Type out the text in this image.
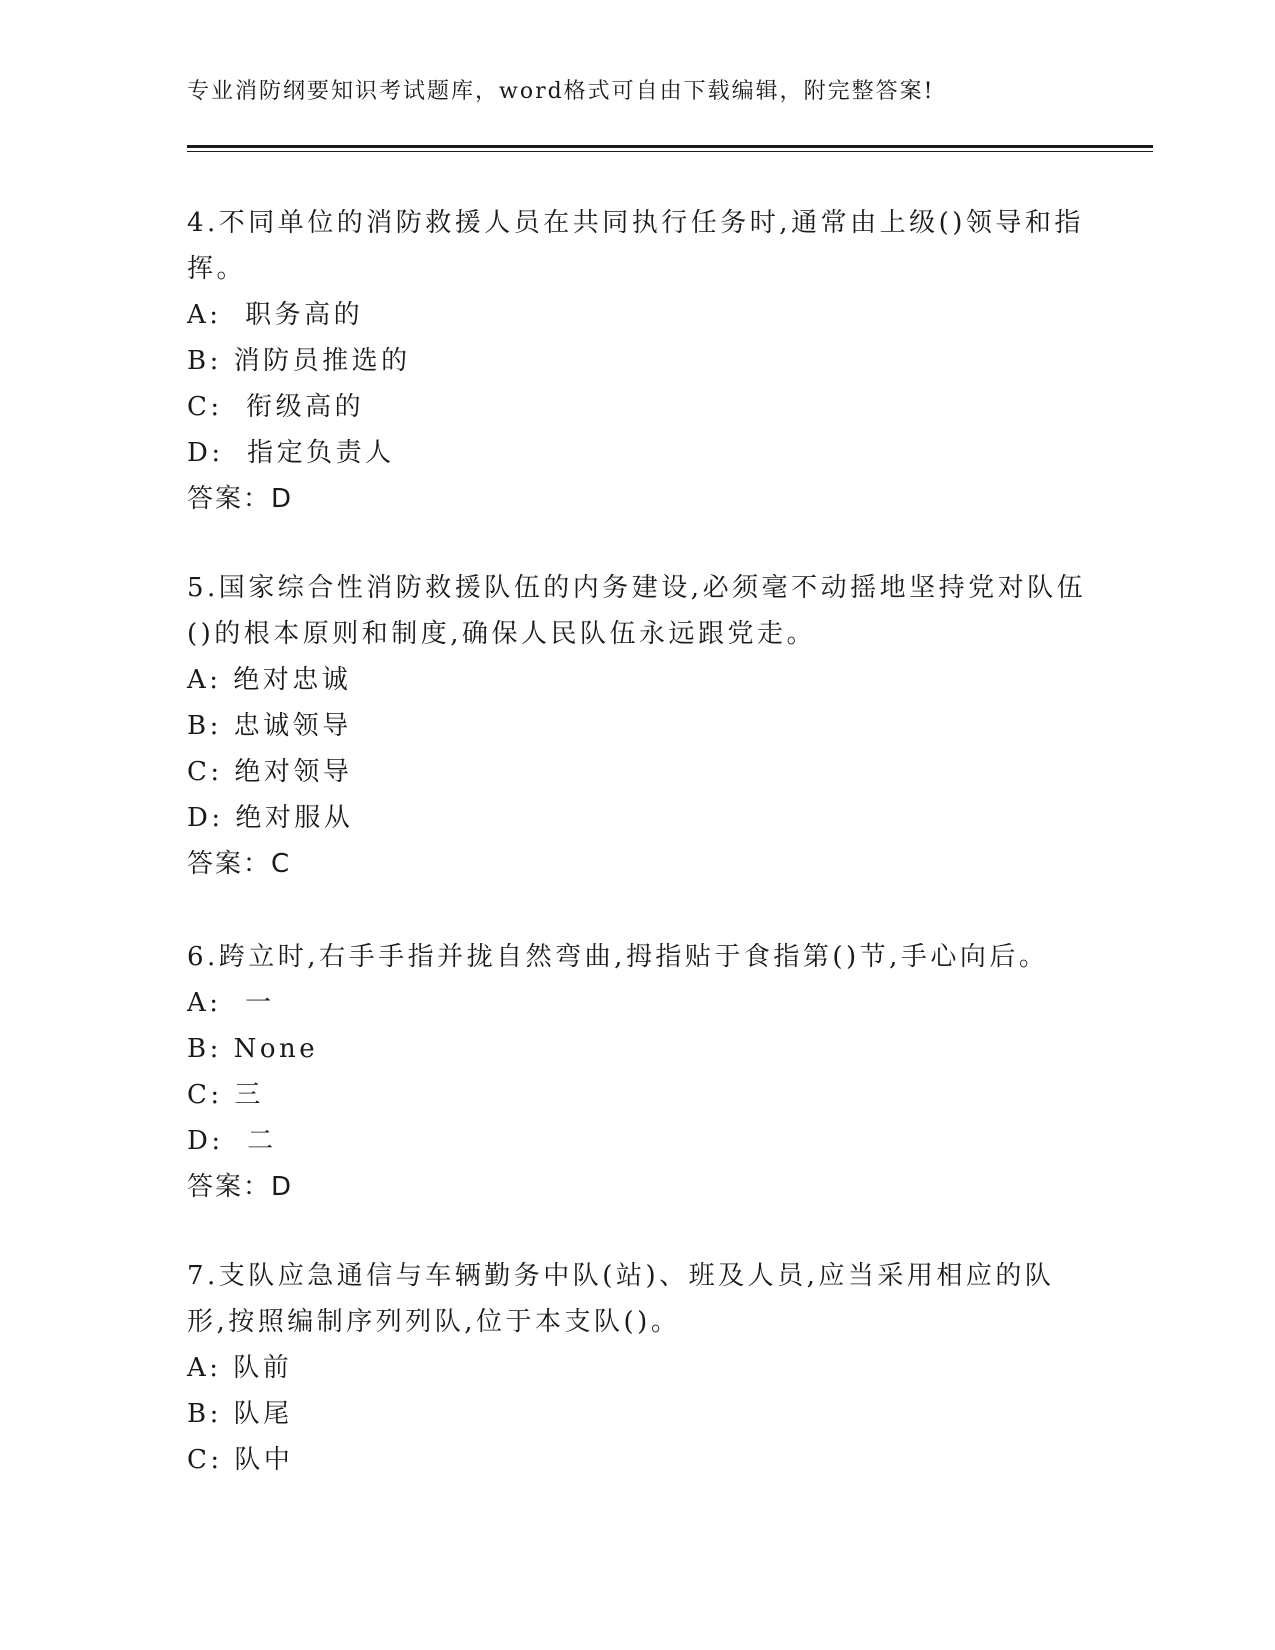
专业消防纲要知识考试题库，word格式可自由下载编辑，附完整答案!

4.不同单位的消防救援人员在共同执行任务时,通常由上级()领导和指挥。

A:  职务高的

B: 消防员推选的

C:  衔级高的

D:  指定负责人

答案：D

5.国家综合性消防救援队伍的内务建设,必须毫不动摇地坚持党对队伍()的根本原则和制度,确保人民队伍永远跟党走。

A: 绝对忠诚

B: 忠诚领导

C: 绝对领导

D: 绝对服从

答案：C

6.跨立时,右手手指并拢自然弯曲,拇指贴于食指第()节,手心向后。

A:  一

B: None

C: 三

D:  二

答案：D

7.支队应急通信与车辆勤务中队(站)、班及人员,应当采用相应的队形,按照编制序列列队,位于本支队()。

A: 队前

B: 队尾

C: 队中
